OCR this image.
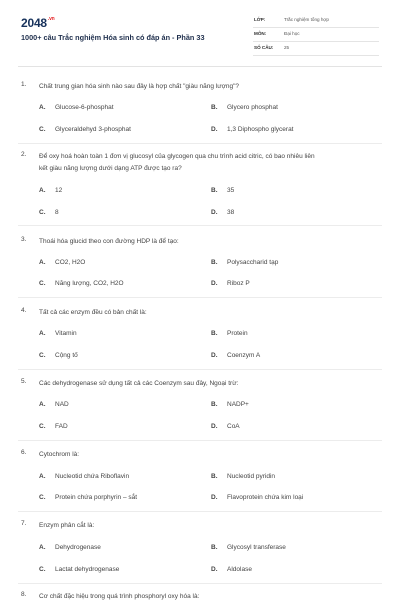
$2048^{.vn}$
1000+ câu Trắc nghiệm Hóa sinh có đáp án - Phần 33
LỚP:	Trắc nghiệm tổng hợp
MÔN:	Đại học
SỐ CÂU: 25
1. Chất trung gian hóa sinh nào sau đây là hợp chất "giàu năng lượng"?
A. Glucose-6-phosphat	B. Glycero phosphat
C. Glyceraldehyd 3-phosphat	D. 1,3 Diphospho glycerat
2. Để oxy hoá hoàn toàn 1 đơn vị glucosyl của glycogen qua chu trình acid citric, có bao nhiêu liên
kết giàu năng lượng dưới dạng ATP được tạo ra?
A. 12	B. 35
C. 8	D. 38
3. Thoái hóa glucid theo con đường HDP là để tạo:
A. CO2, H2O	B. Polysaccharid tạp
C. Năng lượng, CO2, H2O	D. Riboz P
4. Tất cả các enzym đều có bản chất là:
A. Vitamin	B. Protein
C. Cộng tố	D. Coenzym A
5. Các dehydrogenase sử dụng tất cả các Coenzym sau đây, Ngoại trừ:
A. NAD	B. NADP+
C. FAD	D. CoA
6. Cytochrom là:
A. Nucleotid chứa Riboflavin	B. Nucleotid pyridin
C. Protein chứa porphyrin – sắt	D. Flavoprotein chứa kim loại
7. Enzym phân cắt là:
A. Dehydrogenase	B. Glycosyl transferase
C. Lactat dehydrogenase	D. Aldolase
8. Cơ chất đặc hiệu trong quá trình phosphoryl oxy hóa là:
